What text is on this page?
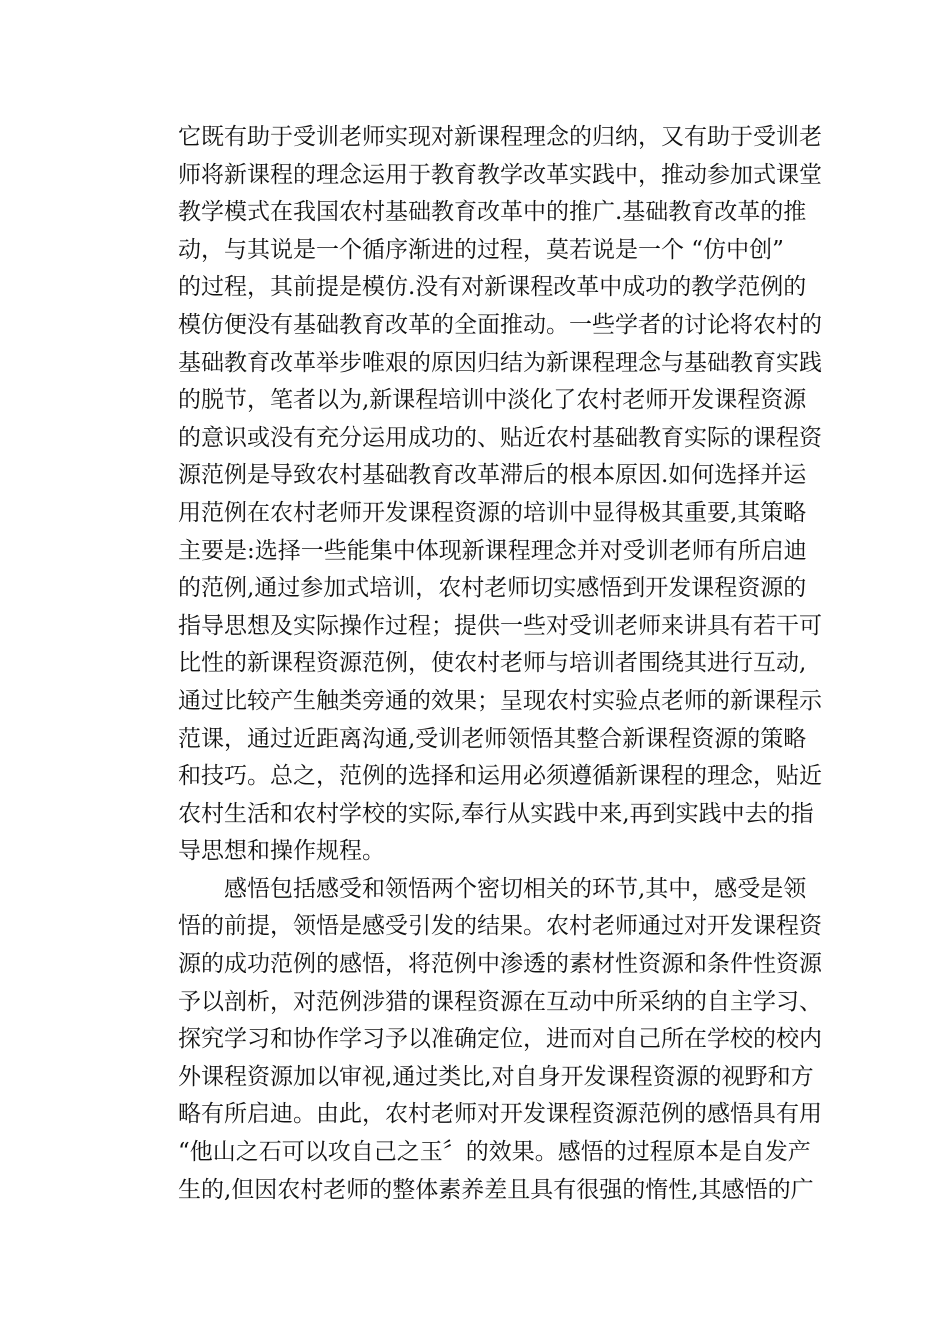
它既有助于受训老师实现对新课程理念的归纳，又有助于受训老
师将新课程的理念运用于教育教学改革实践中，推动参加式课堂
教学模式在我国农村基础教育改革中的推广.基础教育改革的推
动，与其说是一个循序渐进的过程，莫若说是一个 “仿中创”
的过程，其前提是模仿.没有对新课程改革中成功的教学范例的
模仿便没有基础教育改革的全面推动。一些学者的讨论将农村的
基础教育改革举步唯艰的原因归结为新课程理念与基础教育实践
的脱节，笔者以为,新课程培训中淡化了农村老师开发课程资源
的意识或没有充分运用成功的、贴近农村基础教育实际的课程资
源范例是导致农村基础教育改革滞后的根本原因.如何选择并运
用范例在农村老师开发课程资源的培训中显得极其重要,其策略
主要是:选择一些能集中体现新课程理念并对受训老师有所启迪
的范例,通过参加式培训，农村老师切实感悟到开发课程资源的
指导思想及实际操作过程；提供一些对受训老师来讲具有若干可
比性的新课程资源范例，使农村老师与培训者围绕其进行互动,
通过比较产生触类旁通的效果；呈现农村实验点老师的新课程示
范课，通过近距离沟通,受训老师领悟其整合新课程资源的策略
和技巧。总之，范例的选择和运用必须遵循新课程的理念，贴近
农村生活和农村学校的实际,奉行从实践中来,再到实践中去的指
导思想和操作规程。
感悟包括感受和领悟两个密切相关的环节,其中，感受是领
悟的前提，领悟是感受引发的结果。农村老师通过对开发课程资
源的成功范例的感悟，将范例中渗透的素材性资源和条件性资源
予以剖析，对范例涉猎的课程资源在互动中所采纳的自主学习、
探究学习和协作学习予以准确定位，进而对自己所在学校的校内
外课程资源加以审视,通过类比,对自身开发课程资源的视野和方
略有所启迪。由此，农村老师对开发课程资源范例的感悟具有用
“他山之石可以攻自己之玉〞的效果。感悟的过程原本是自发产
生的,但因农村老师的整体素养差且具有很强的惰性,其感悟的广
